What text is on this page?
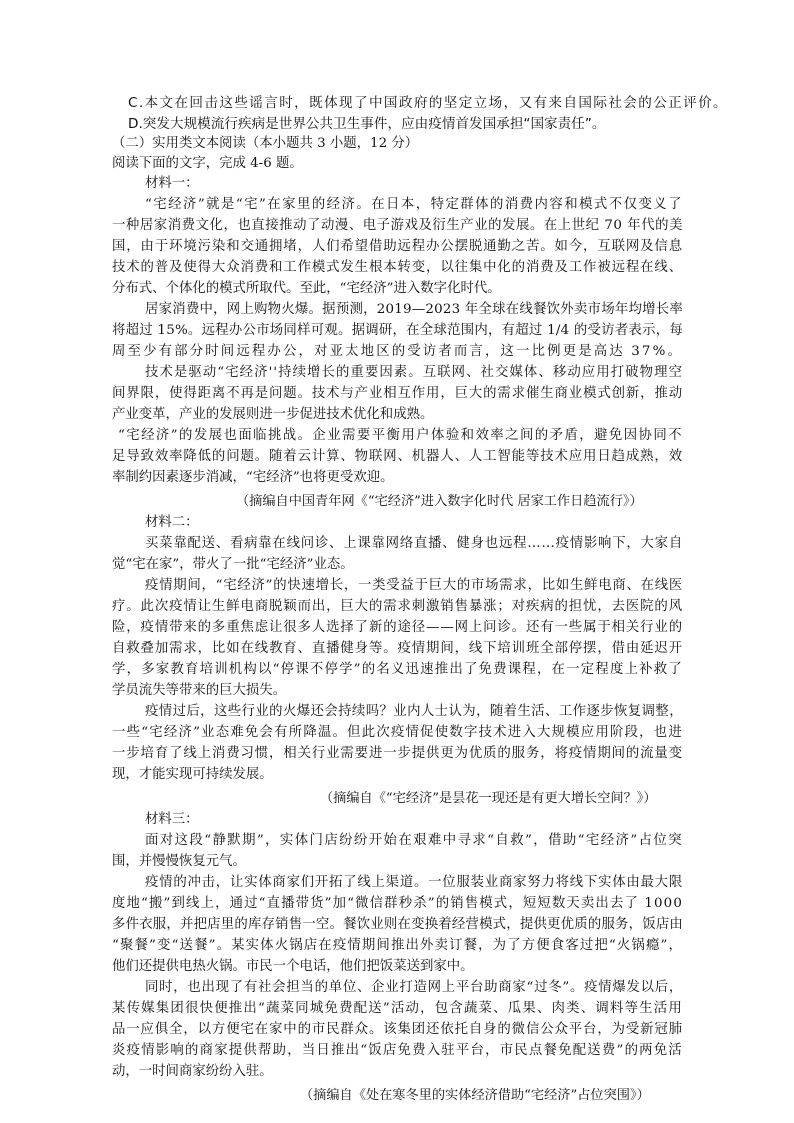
C.本文在回击这些谣言时，既体现了中国政府的坚定立场，又有来自国际社会的公正评价。
D.突发大规模流行疾病是世界公共卫生事件，应由疫情首发国承担“国家责任”。
（二）实用类文本阅读（本小题共 3 小题，12 分）
阅读下面的文字，完成 4-6 题。
材料一：
“宅经济”就是“宅”在家里的经济。在日本，特定群体的消费内容和模式不仅变义了
一种居家消费文化，也直接推动了动漫、电子游戏及衍生产业的发展。在上世纪 70 年代的美
国，由于环境污染和交通拥堵，人们希望借助远程办公摆脱通勤之苦。如今，互联网及信息
技术的普及使得大众消费和工作模式发生根本转变，以往集中化的消费及工作被远程在线、
分布式、个体化的模式所取代。至此，“宅经济”进入数字化时代。
居家消费中，网上购物火爆。据预测，2019—2023 年全球在线餐饮外卖市场年均增长率
将超过 15%。远程办公市场同样可观。据调研，在全球范围内，有超过 1/4 的受访者表示，每
周至少有部分时间远程办公，对亚太地区的受访者而言，这一比例更是高达 37%。
技术是驱动“宅经济''持续增长的重要因素。互联网、社交媒体、移动应用打破物理空
间界限，使得距离不再是问题。技术与产业相互作用，巨大的需求催生商业模式创新，推动
产业变革，产业的发展则进一步促进技术优化和成熟。
“宅经济”的发展也面临挑战。企业需要平衡用户体验和效率之间的矛盾，避免因协同不
足导致效率降低的问题。随着云计算、物联网、机器人、人工智能等技术应用日趋成熟，效
率制约因素逐步消减，“宅经济”也将更受欢迎。
（摘编自中国青年网《“宅经济”进入数字化时代 居家工作日趋流行》）
材料二：
买菜靠配送、看病靠在线问诊、上课靠网络直播、健身也远程……疫情影响下，大家自
觉“宅在家”，带火了一批“宅经济”业态。
疫情期间，“宅经济”的快速增长，一类受益于巨大的市场需求，比如生鲜电商、在线医
疗。此次疫情让生鲜电商脱颖而出，巨大的需求刺激销售暴涨；对疾病的担忧，去医院的风
险，疫情带来的多重焦虑让很多人选择了新的途径——网上问诊。还有一些属于相关行业的
自救叠加需求，比如在线教育、直播健身等。疫情期间，线下培训班全部停摆，借由延迟开
学，多家教育培训机构以“停课不停学”的名义迅速推出了免费课程，在一定程度上补救了
学员流失等带来的巨大损失。
疫情过后，这些行业的火爆还会持续吗？业内人士认为，随着生活、工作逐步恢复调整，
一些“宅经济”业态难免会有所降温。但此次疫情促使数字技术进入大规模应用阶段，也进
一步培育了线上消费习惯，相关行业需要进一步提供更为优质的服务，将疫情期间的流量变
现，才能实现可持续发展。
（摘编自《“宅经济”是昙花一现还是有更大增长空间？》）
材料三：
面对这段“静默期”，实体门店纷纷开始在艰难中寻求“自救”，借助“宅经济”占位突
围，并慢慢恢复元气。
疫情的冲击，让实体商家们开拓了线上渠道。一位服装业商家努力将线下实体由最大限
度地“搬”到线上，通过“直播带货”加“微信群秒杀”的销售模式，短短数天卖出去了 1000
多件衣服，并把店里的库存销售一空。餐饮业则在变换着经营模式，提供更优质的服务，饭店由
“聚餐”变“送餐”。某实体火锅店在疫情期间推出外卖订餐，为了方便食客过把“火锅瘾”，
他们还提供电热火锅。市民一个电话，他们把饭菜送到家中。
同时，也出现了有社会担当的单位、企业打造网上平台助商家“过冬”。疫情爆发以后，
某传媒集团很快便推出“蔬菜同城免费配送”活动，包含蔬菜、瓜果、肉类、调料等生活用
品一应俱全，以方便宅在家中的市民群众。该集团还依托自身的微信公众平台，为受新冠肺
炎疫情影响的商家提供帮助，当日推出“饭店免费入驻平台，市民点餐免配送费”的两免活
动，一时间商家纷纷入驻。
（摘编自《处在寒冬里的实体经济借助“宅经济”占位突围》）
